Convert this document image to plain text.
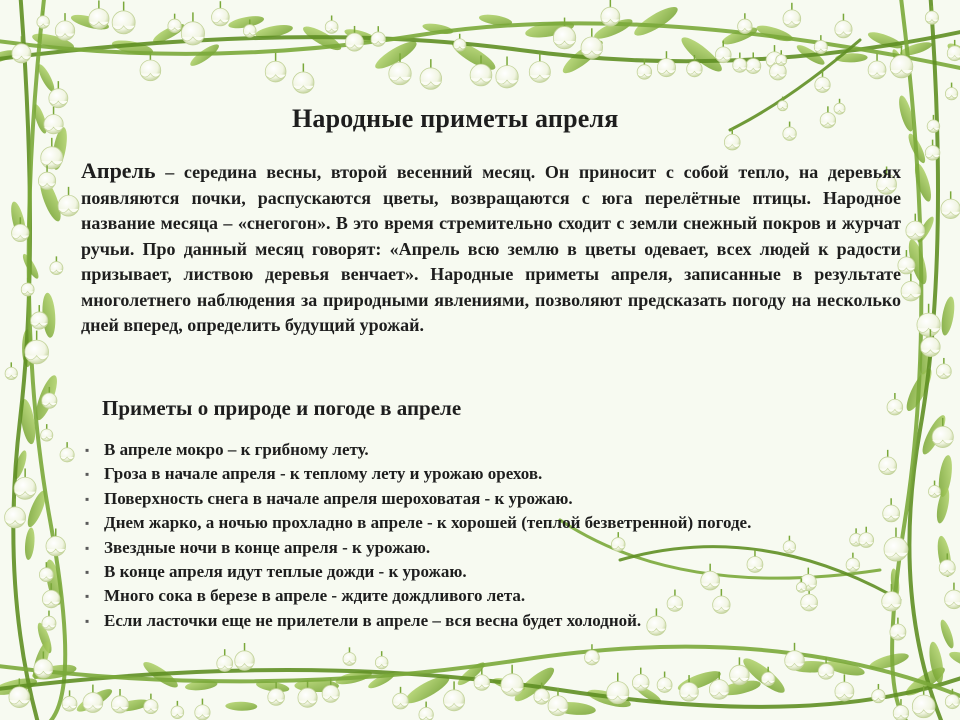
Народные приметы апреля
Апрель – середина весны, второй весенний месяц. Он приносит с собой тепло, на деревьях появляются почки, распускаются цветы, возвращаются с юга перелётные птицы. Народное название месяца – «снегогон». В это время стремительно сходит с земли снежный покров и журчат ручьи. Про данный месяц говорят: «Апрель всю землю в цветы одевает, всех людей к радости призывает, листвою деревья венчает». Народные приметы апреля, записанные в результате многолетнего наблюдения за природными явлениями, позволяют предсказать погоду на несколько дней вперед, определить будущий урожай.
Приметы о природе и погоде в апреле
▪ В апреле мокро – к грибному лету.
▪ Гроза в начале апреля - к теплому лету и урожаю орехов.
▪ Поверхность снега в начале апреля шероховатая - к урожаю.
▪ Днем жарко, а ночью прохладно в апреле - к хорошей (теплой безветренной) погоде.
▪ Звездные ночи в конце апреля - к урожаю.
▪ В конце апреля идут теплые дожди - к урожаю.
▪ Много сока в березе в апреле - ждите дождливого лета.
▪ Если ласточки еще не прилетели в апреле – вся весна будет холодной.
